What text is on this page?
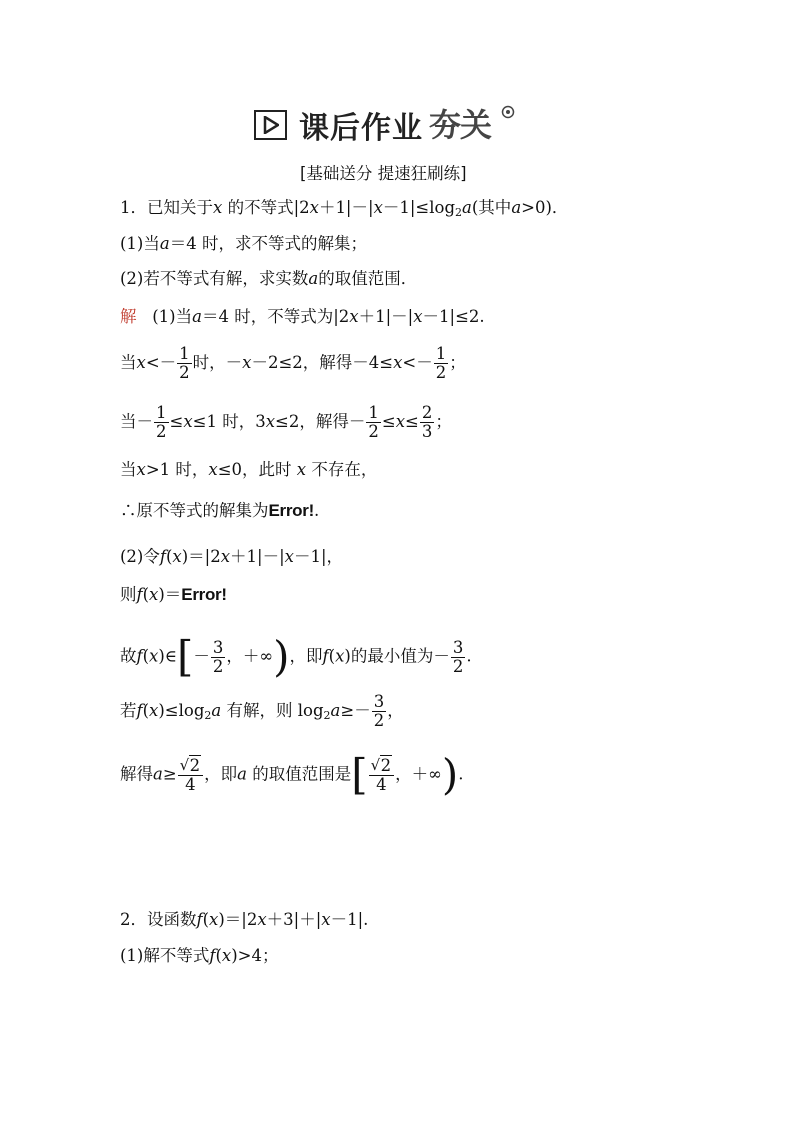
课后作业 夯关
[基础送分 提速狂刷练]
1．已知关于x 的不等式$|2x+1|-|x-1|\le\log_2a$(其中a>0)．
(1)当a＝4 时，求不等式的解集；
(2)若不等式有解，求实数a的取值范围．
解 (1)当a＝4 时，不等式为|2x＋1|－|x－1|≤2.
当$x<- \frac{1}{2}$ 时，－x－2≤2，解得$-4\le x<- \frac{1}{2}$ ；
当－ $\frac{1}{2} \le x\le 1$ 时，3x≤2，解得－ $\frac{1}{2} \le x\le \frac{2}{3}$ ；
当x>1 时，x≤0，此时 x 不存在，
∴原不等式的解集为Error!.
(2)令f(x)＝|2x＋1|－|x－1|，
则f(x)＝Error!
故f(x)∈[－ $\frac{3}{2}$ ，＋∞)，即f(x)的最小值为－ $\frac{3}{2}$ .
若$f(x)\le\log_2a$ 有解，则 $\log_2a\ge- \frac{3}{2}$ ，
解得$a\ge \frac{√ 2}{4}$ ，即a 的取值范围是[ $\frac{√ 2}{4}$ ，＋∞).
2．设函数f(x)＝|2x＋3|＋|x－1|.
(1)解不等式f(x)>4；
